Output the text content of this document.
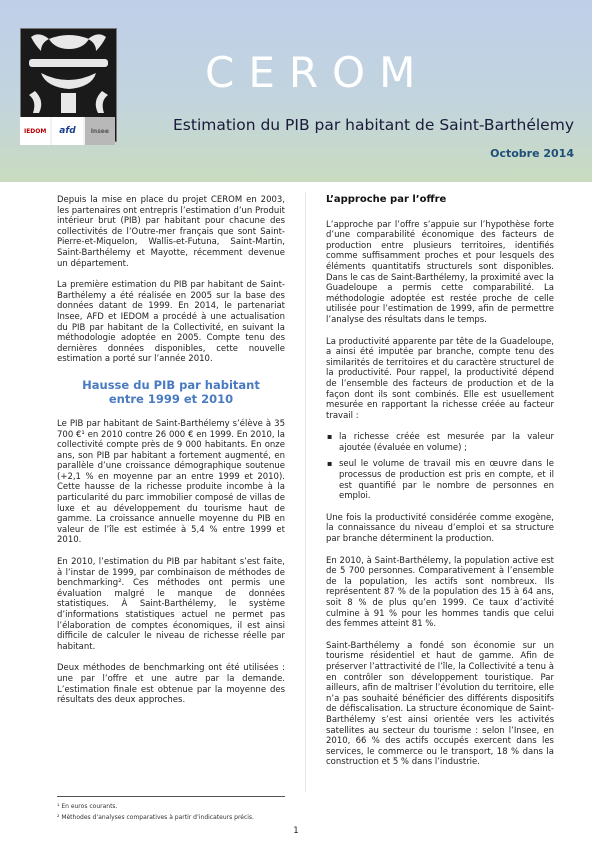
IEDOM	afd	Insee
CEROM
Estimation du PIB par habitant de Saint-Barthélemy
Octobre 2014

Depuis la mise en place du projet CEROM en 2003, les partenaires ont entrepris l’estimation d’un Produit intérieur brut (PIB) par habitant pour chacune des collectivités de l’Outre-mer français que sont Saint-Pierre-et-Miquelon, Wallis-et-Futuna, Saint-Martin, Saint-Barthélemy et Mayotte, récemment devenue un département.

La première estimation du PIB par habitant de Saint-Barthélemy a été réalisée en 2005 sur la base des données datant de 1999. En 2014, le partenariat Insee, AFD et IEDOM a procédé à une actualisation du PIB par habitant de la Collectivité, en suivant la méthodologie adoptée en 2005. Compte tenu des dernières données disponibles, cette nouvelle estimation a porté sur l’année 2010.

Hausse du PIB par habitant
entre 1999 et 2010

Le PIB par habitant de Saint-Barthélemy s’élève à 35 700 €¹ en 2010 contre 26 000 € en 1999. En 2010, la collectivité compte près de 9 000 habitants. En onze ans, son PIB par habitant a fortement augmenté, en parallèle d’une croissance démographique soutenue (+2,1 % en moyenne par an entre 1999 et 2010). Cette hausse de la richesse produite incombe à la particularité du parc immobilier composé de villas de luxe et au développement du tourisme haut de gamme. La croissance annuelle moyenne du PIB en valeur de l’île est estimée à 5,4 % entre 1999 et 2010.

En 2010, l’estimation du PIB par habitant s’est faite, à l’instar de 1999, par combinaison de méthodes de benchmarking². Ces méthodes ont permis une évaluation malgré le manque de données statistiques. À Saint-Barthélemy, le système d’informations statistiques actuel ne permet pas l’élaboration de comptes économiques, il est ainsi difficile de calculer le niveau de richesse réelle par habitant.

Deux méthodes de benchmarking ont été utilisées : une par l’offre et une autre par la demande. L’estimation finale est obtenue par la moyenne des résultats des deux approches.

L’approche par l’offre

L’approche par l’offre s’appuie sur l’hypothèse forte d’une comparabilité économique des facteurs de production entre plusieurs territoires, identifiés comme suffisamment proches et pour lesquels des éléments quantitatifs structurels sont disponibles. Dans le cas de Saint-Barthélemy, la proximité avec la Guadeloupe a permis cette comparabilité. La méthodologie adoptée est restée proche de celle utilisée pour l’estimation de 1999, afin de permettre l’analyse des résultats dans le temps.

La productivité apparente par tête de la Guadeloupe, a ainsi été imputée par branche, compte tenu des similarités de territoires et du caractère structurel de la productivité. Pour rappel, la productivité dépend de l’ensemble des facteurs de production et de la façon dont ils sont combinés. Elle est usuellement mesurée en rapportant la richesse créée au facteur travail :

▪ la richesse créée est mesurée par la valeur ajoutée (évaluée en volume) ;
▪ seul le volume de travail mis en œuvre dans le processus de production est pris en compte, et il est quantifié par le nombre de personnes en emploi.

Une fois la productivité considérée comme exogène, la connaissance du niveau d’emploi et sa structure par branche déterminent la production.

En 2010, à Saint-Barthélemy, la population active est de 5 700 personnes. Comparativement à l’ensemble de la population, les actifs sont nombreux. Ils représentent 87 % de la population des 15 à 64 ans, soit 8 % de plus qu’en 1999. Ce taux d’activité culmine à 91 % pour les hommes tandis que celui des femmes atteint 81 %.

Saint-Barthélemy a fondé son économie sur un tourisme résidentiel et haut de gamme. Afin de préserver l’attractivité de l’île, la Collectivité a tenu à en contrôler son développement touristique. Par ailleurs, afin de maîtriser l’évolution du territoire, elle n’a pas souhaité bénéficier des différents dispositifs de défiscalisation. La structure économique de Saint-Barthélemy s’est ainsi orientée vers les activités satellites au secteur du tourisme : selon l’Insee, en 2010, 66 % des actifs occupés exercent dans les services, le commerce ou le transport, 18 % dans la construction et 5 % dans l’industrie.

¹ En euros courants.
² Méthodes d’analyses comparatives à partir d’indicateurs précis.
1
